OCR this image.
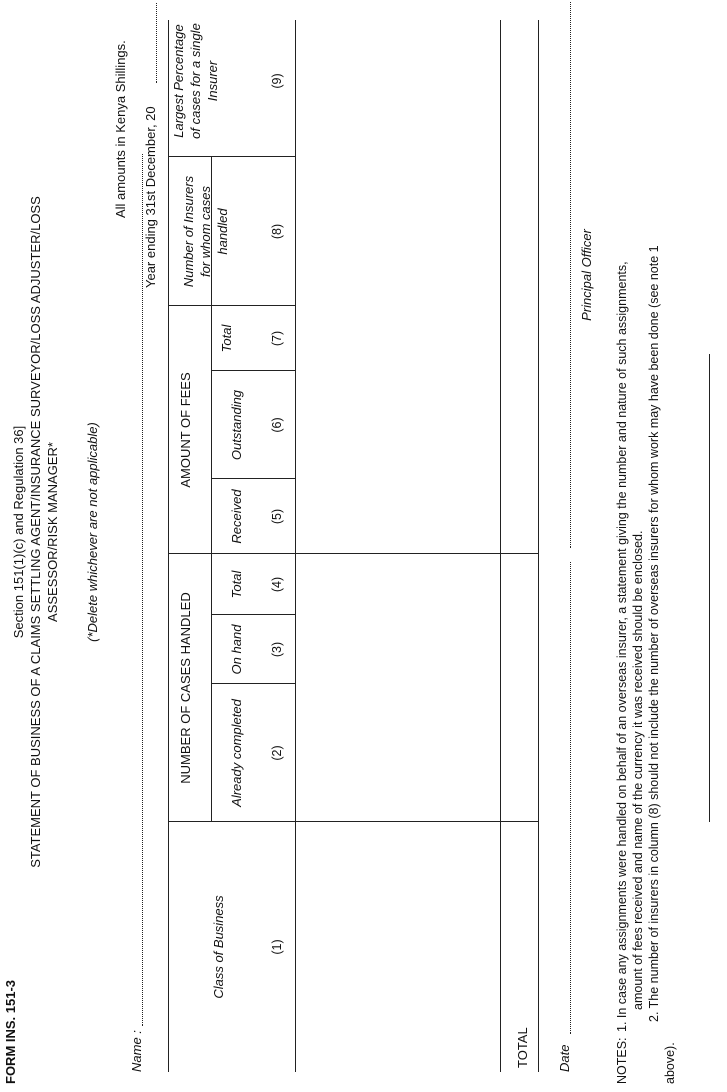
FORM INS. 151-3
Section 151(1)(c) and Regulation 36] STATEMENT OF BUSINESS OF A CLAIMS SETTLING AGENT/INSURANCE SURVEYOR/LOSS ADJUSTER/LOSS ASSESSOR/RISK MANAGER* (*Delete whichever are not applicable)
Name :
All amounts in Kenya Shillings. Year ending 31st December, 20
NUMBER OF CASES HANDLED
AMOUNT OF FEES
Class of Business
Already completed
On hand
Total
Received
Outstanding
Total
Number of Insurers for whom cases handled
Largest Percentage of cases for a single Insurer
(1)
(2)
(3)
(4)
(5)
(6)
(7)
(8)
(9)
TOTAL Date
Principal Officer
NOTES:
1. In case any assignments were handled on behalf of an overseas insurer, a statement giving the number and nature of such assignments, amount of fees received and name of the currency it was received should be enclosed. 2. The number of insurers in column (8) should not include the number of overseas insurers for whom work may have been done (see note 1
above).
